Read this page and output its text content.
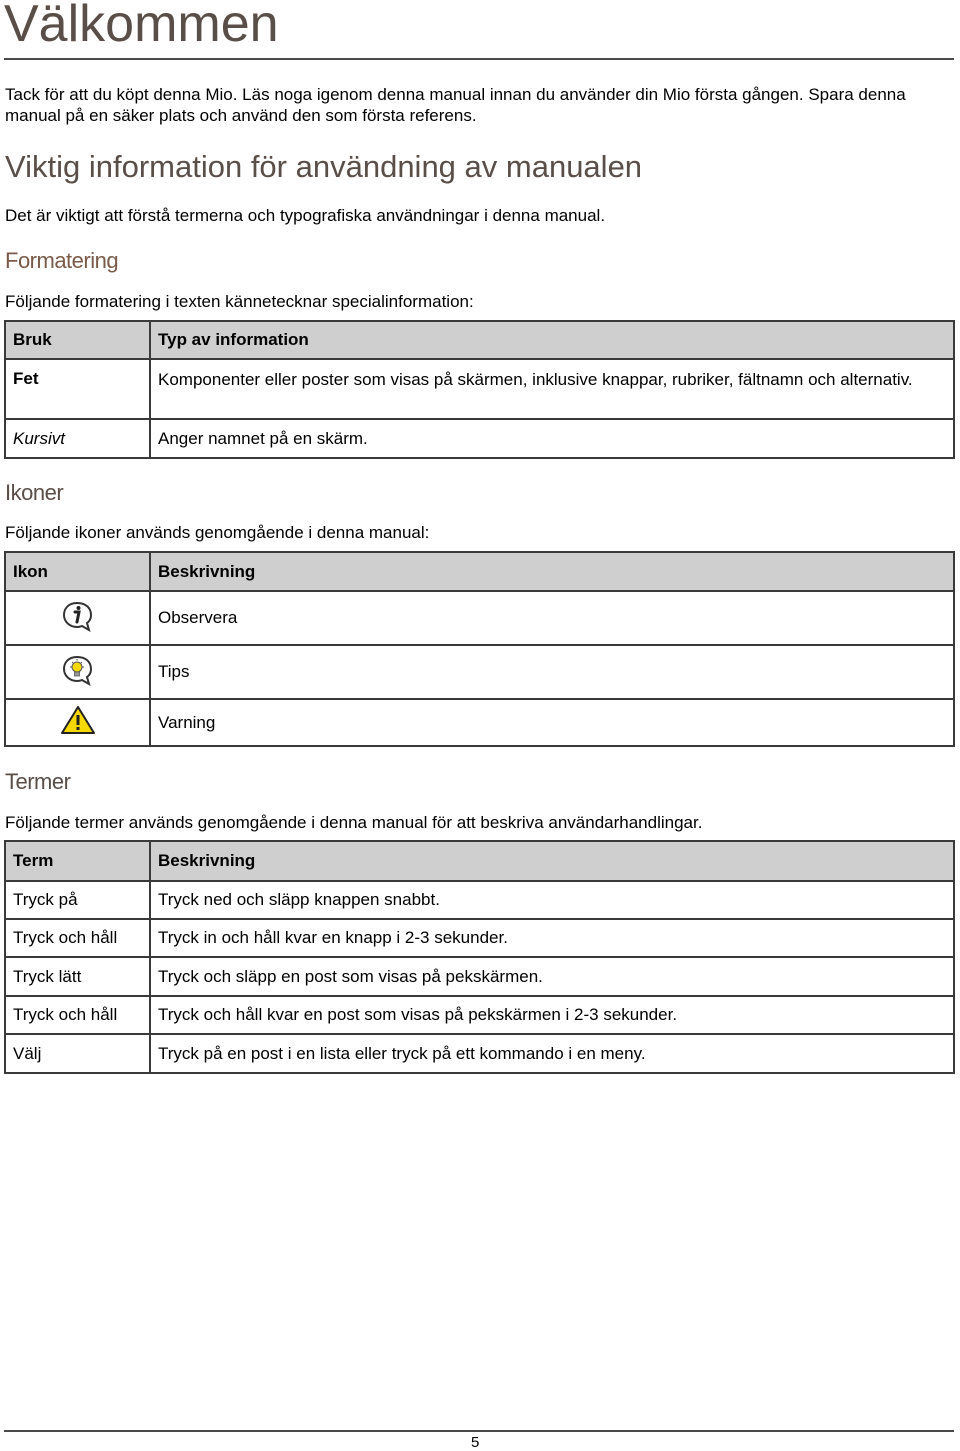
Välkommen

Tack för att du köpt denna Mio. Läs noga igenom denna manual innan du använder din Mio första gången. Spara denna manual på en säker plats och använd den som första referens.

Viktig information för användning av manualen

Det är viktigt att förstå termerna och typografiska användningar i denna manual.

Formatering

Följande formatering i texten kännetecknar specialinformation:

Bruk	Typ av information
Fet	Komponenter eller poster som visas på skärmen, inklusive knappar, rubriker, fältnamn och alternativ.
Kursivt	Anger namnet på en skärm.
Ikoner

Följande ikoner används genomgående i denna manual:

Ikon	Beskrivning
	Observera
	Tips
	Varning
Termer

Följande termer används genomgående i denna manual för att beskriva användarhandlingar.

Term	Beskrivning
Tryck på	Tryck ned och släpp knappen snabbt.
Tryck och håll	Tryck in och håll kvar en knapp i 2-3 sekunder.
Tryck lätt	Tryck och släpp en post som visas på pekskärmen.
Tryck och håll	Tryck och håll kvar en post som visas på pekskärmen i 2-3 sekunder.
Välj	Tryck på en post i en lista eller tryck på ett kommando i en meny.
5
